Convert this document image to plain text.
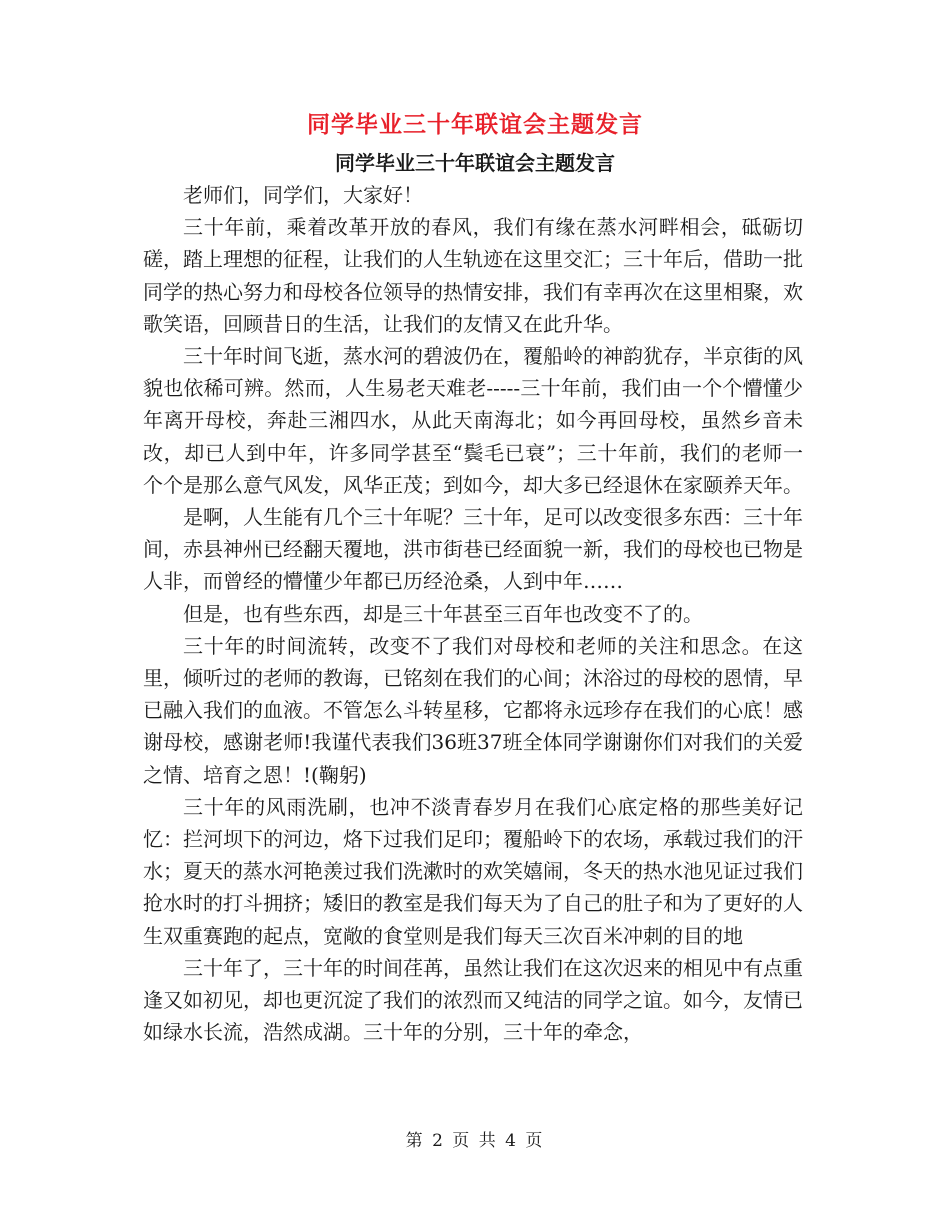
同学毕业三十年联谊会主题发言
同学毕业三十年联谊会主题发言

老师们，同学们，大家好！

三十年前，乘着改革开放的春风，我们有缘在蒸水河畔相会，砥砺切磋，踏上理想的征程，让我们的人生轨迹在这里交汇；三十年后，借助一批同学的热心努力和母校各位领导的热情安排，我们有幸再次在这里相聚，欢歌笑语，回顾昔日的生活，让我们的友情又在此升华。

三十年时间飞逝，蒸水河的碧波仍在，覆船岭的神韵犹存，半京街的风貌也依稀可辨。然而，人生易老天难老-----三十年前，我们由一个个懵懂少年离开母校，奔赴三湘四水，从此天南海北；如今再回母校，虽然乡音未改，却已人到中年，许多同学甚至“鬓毛已衰”；三十年前，我们的老师一个个是那么意气风发，风华正茂；到如今，却大多已经退休在家颐养天年。

是啊，人生能有几个三十年呢？三十年，足可以改变很多东西：三十年间，赤县神州已经翻天覆地，洪市街巷已经面貌一新，我们的母校也已物是人非，而曾经的懵懂少年都已历经沧桑，人到中年……

但是，也有些东西，却是三十年甚至三百年也改变不了的。

三十年的时间流转，改变不了我们对母校和老师的关注和思念。在这里，倾听过的老师的教诲，已铭刻在我们的心间；沐浴过的母校的恩情，早已融入我们的血液。不管怎么斗转星移，它都将永远珍存在我们的心底！感谢母校，感谢老师!我谨代表我们36班37班全体同学谢谢你们对我们的关爱之情、培育之恩！!(鞠躬)

三十年的风雨洗刷，也冲不淡青春岁月在我们心底定格的那些美好记忆：拦河坝下的河边，烙下过我们足印；覆船岭下的农场，承载过我们的汗水；夏天的蒸水河艳羡过我们洗漱时的欢笑嬉闹，冬天的热水池见证过我们抢水时的打斗拥挤；矮旧的教室是我们每天为了自己的肚子和为了更好的人生双重赛跑的起点，宽敞的食堂则是我们每天三次百米冲刺的目的地

三十年了，三十年的时间荏苒，虽然让我们在这次迟来的相见中有点重逢又如初见，却也更沉淀了我们的浓烈而又纯洁的同学之谊。如今，友情已如绿水长流，浩然成湖。三十年的分别，三十年的牵念，

第 2 页 共 4 页
